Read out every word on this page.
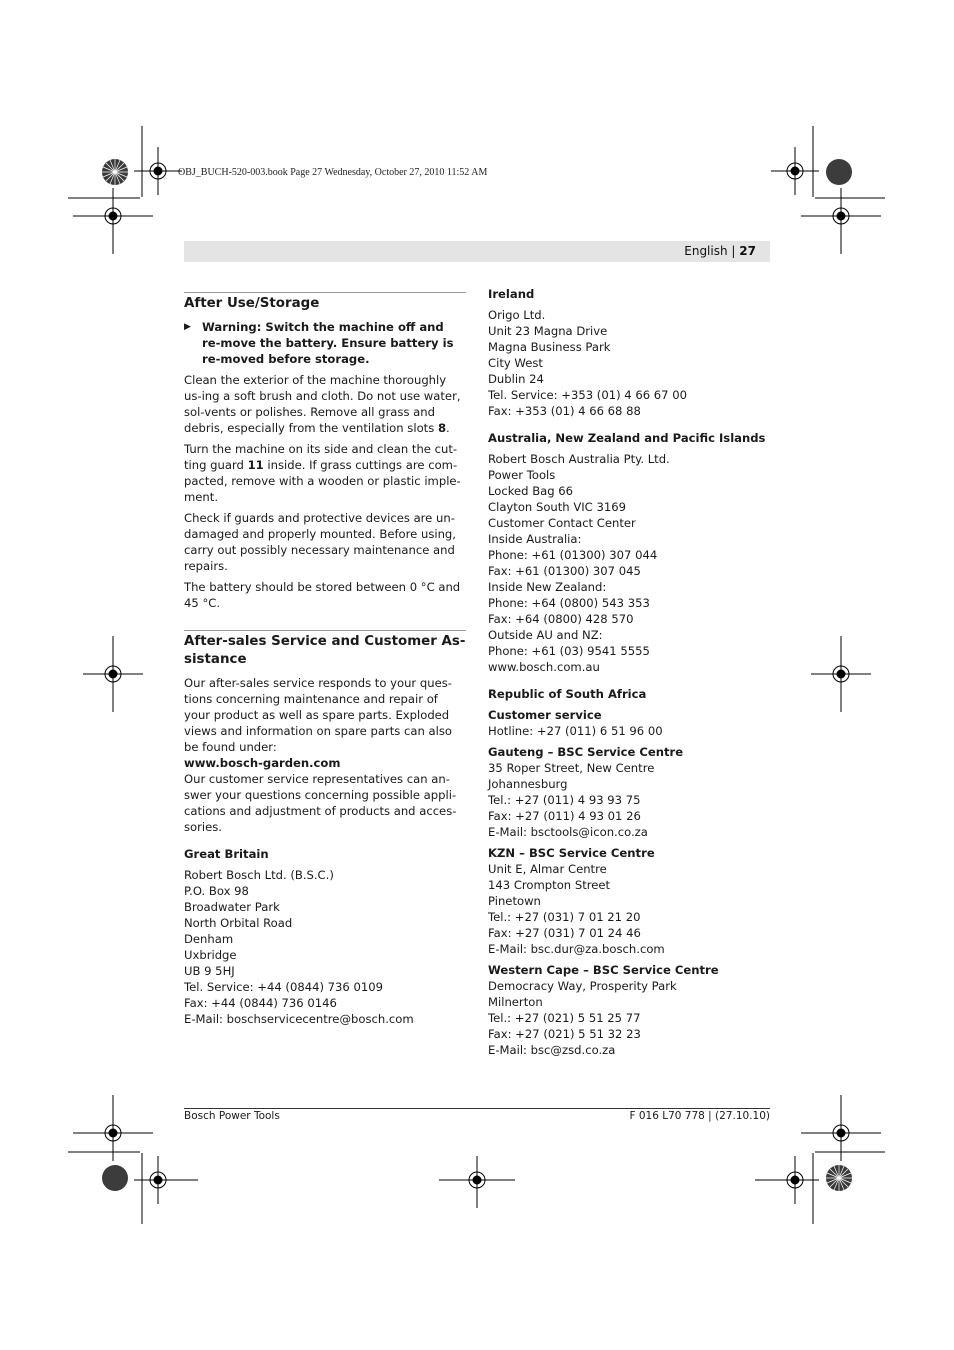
OBJ_BUCH-520-003.book Page 27 Wednesday, October 27, 2010 11:52 AM
English | 27
After Use/Storage
▶ Warning: Switch the machine off and re-move the battery. Ensure battery is re-moved before storage.

Clean the exterior of the machine thoroughly us-ing a soft brush and cloth. Do not use water, sol-vents or polishes. Remove all grass and debris, especially from the ventilation slots 8.

Turn the machine on its side and clean the cut-ting guard 11 inside. If grass cuttings are com-pacted, remove with a wooden or plastic imple-ment.

Check if guards and protective devices are un-damaged and properly mounted. Before using, carry out possibly necessary maintenance and repairs.

The battery should be stored between 0 °C and 45 °C.

After-sales Service and Customer As-sistance

Our after-sales service responds to your ques-tions concerning maintenance and repair of your product as well as spare parts. Exploded views and information on spare parts can also be found under:

www.bosch-garden.com

Our customer service representatives can an-swer your questions concerning possible appli-cations and adjustment of products and acces-sories.

Great Britain
Robert Bosch Ltd. (B.S.C.)
P.O. Box 98
Broadwater Park
North Orbital Road
Denham
Uxbridge
UB 9 5HJ
Tel. Service: +44 (0844) 736 0109
Fax: +44 (0844) 736 0146
E-Mail: boschservicecentre@bosch.com
Ireland
Origo Ltd.
Unit 23 Magna Drive
Magna Business Park
City West
Dublin 24
Tel. Service: +353 (01) 4 66 67 00
Fax: +353 (01) 4 66 68 88
Australia, New Zealand and Pacific Islands
Robert Bosch Australia Pty. Ltd.
Power Tools
Locked Bag 66
Clayton South VIC 3169
Customer Contact Center
Inside Australia:
Phone: +61 (01300) 307 044
Fax: +61 (01300) 307 045
Inside New Zealand:
Phone: +64 (0800) 543 353
Fax: +64 (0800) 428 570
Outside AU and NZ:
Phone: +61 (03) 9541 5555
www.bosch.com.au
Republic of South Africa
Customer service
Hotline: +27 (011) 6 51 96 00
Gauteng – BSC Service Centre
35 Roper Street, New Centre
Johannesburg
Tel.: +27 (011) 4 93 93 75
Fax: +27 (011) 4 93 01 26
E-Mail: bsctools@icon.co.za
KZN – BSC Service Centre
Unit E, Almar Centre
143 Crompton Street
Pinetown
Tel.: +27 (031) 7 01 21 20
Fax: +27 (031) 7 01 24 46
E-Mail: bsc.dur@za.bosch.com
Western Cape – BSC Service Centre
Democracy Way, Prosperity Park
Milnerton
Tel.: +27 (021) 5 51 25 77
Fax: +27 (021) 5 51 32 23
E-Mail: bsc@zsd.co.za
Bosch Power Tools	F 016 L70 778 | (27.10.10)
